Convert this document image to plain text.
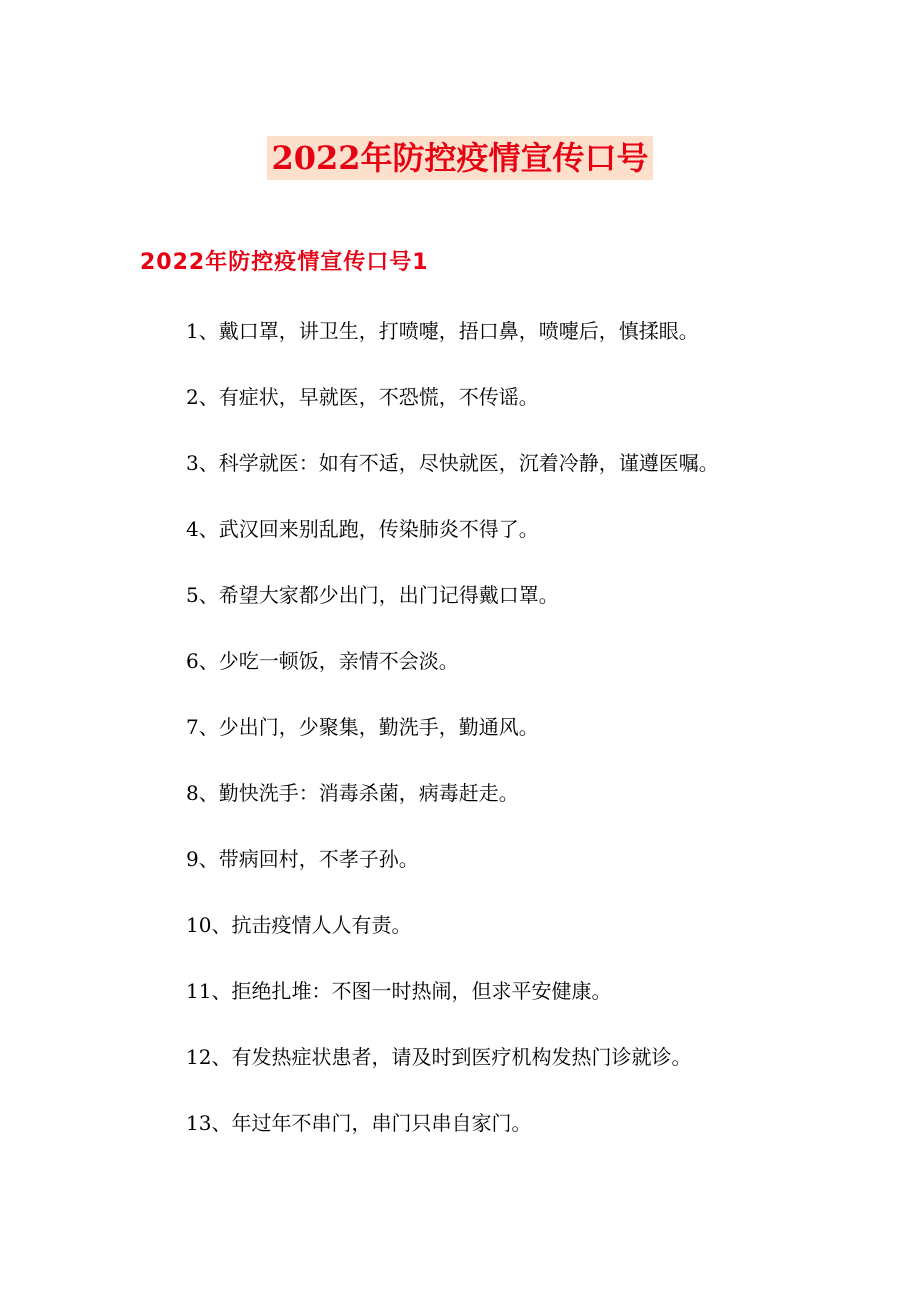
2022年防控疫情宣传口号
2022年防控疫情宣传口号1
1、戴口罩，讲卫生，打喷嚏，捂口鼻，喷嚏后，慎揉眼。
2、有症状，早就医，不恐慌，不传谣。
3、科学就医：如有不适，尽快就医，沉着冷静，谨遵医嘱。
4、武汉回来别乱跑，传染肺炎不得了。
5、希望大家都少出门，出门记得戴口罩。
6、少吃一顿饭，亲情不会淡。
7、少出门，少聚集，勤洗手，勤通风。
8、勤快洗手：消毒杀菌，病毒赶走。
9、带病回村，不孝子孙。
10、抗击疫情人人有责。
11、拒绝扎堆：不图一时热闹，但求平安健康。
12、有发热症状患者，请及时到医疗机构发热门诊就诊。
13、年过年不串门，串门只串自家门。
